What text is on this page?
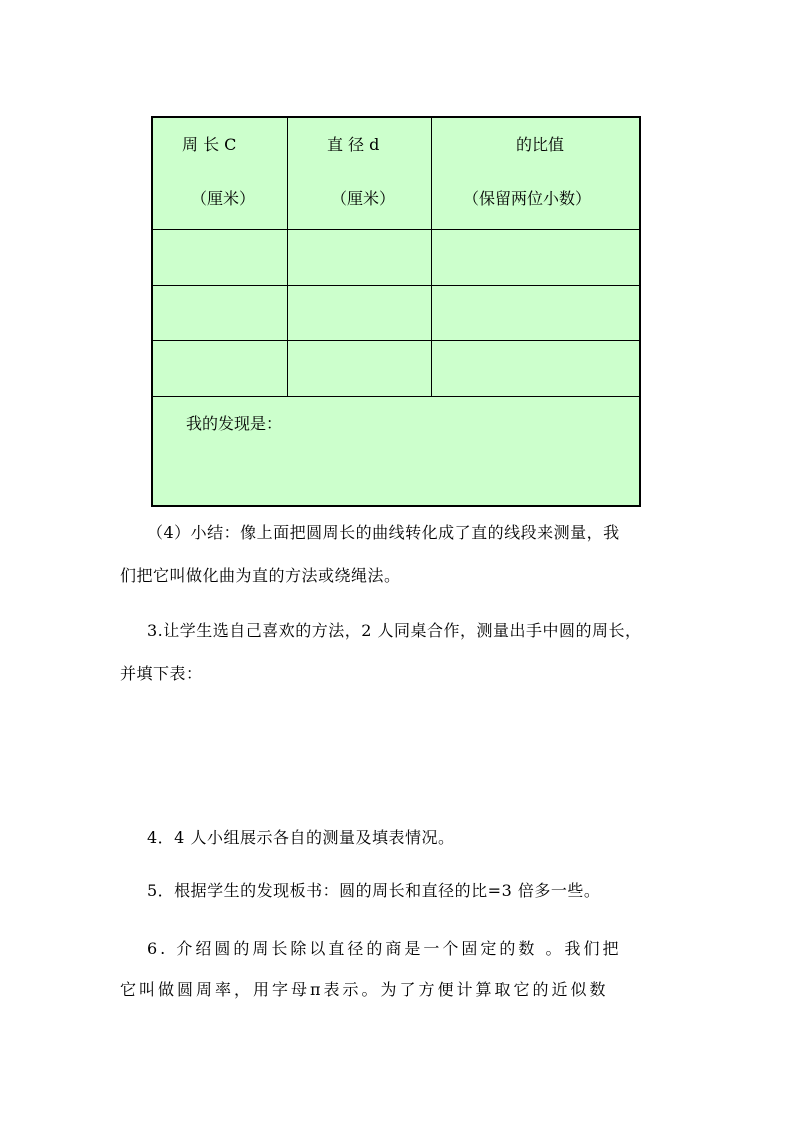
周 长 C
（厘米）
直 径 d
（厘米）
的比值
（保留两位小数）
我的发现是：
（4）小结：像上面把圆周长的曲线转化成了直的线段来测量，我
们把它叫做化曲为直的方法或绕绳法。
3.让学生选自己喜欢的方法，2 人同桌合作，测量出手中圆的周长，
并填下表：
4．4 人小组展示各自的测量及填表情况。
5．根据学生的发现板书：圆的周长和直径的比=3 倍多一些。
6. 介绍圆的周长除以直径的商是一个固定的数 。我们把
它叫做圆周率，用字母π表示。为了方便计算取它的近似数
